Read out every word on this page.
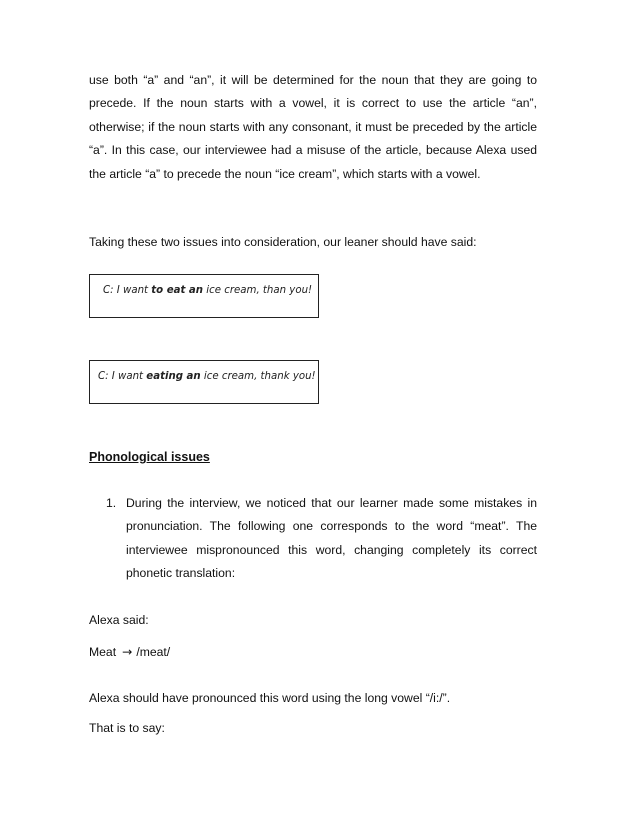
use both “a” and “an”, it will be determined for the noun that they are going to precede. If the noun starts with a vowel, it is correct to use the article “an”, otherwise; if the noun starts with any consonant, it must be preceded by the article “a”. In this case, our interviewee had a misuse of the article, because Alexa used the article “a” to precede the noun “ice cream”, which starts with a vowel.

Taking these two issues into consideration, our leaner should have said:

C: I want to eat an ice cream, than you!
C: I want eating an ice cream, thank you!

Phonological issues

1. During the interview, we noticed that our learner made some mistakes in pronunciation. The following one corresponds to the word “meat”. The interviewee mispronounced this word, changing completely its correct phonetic translation:

Alexa said:

Meat → /meat/

Alexa should have pronounced this word using the long vowel “/i:/”.

That is to say:
